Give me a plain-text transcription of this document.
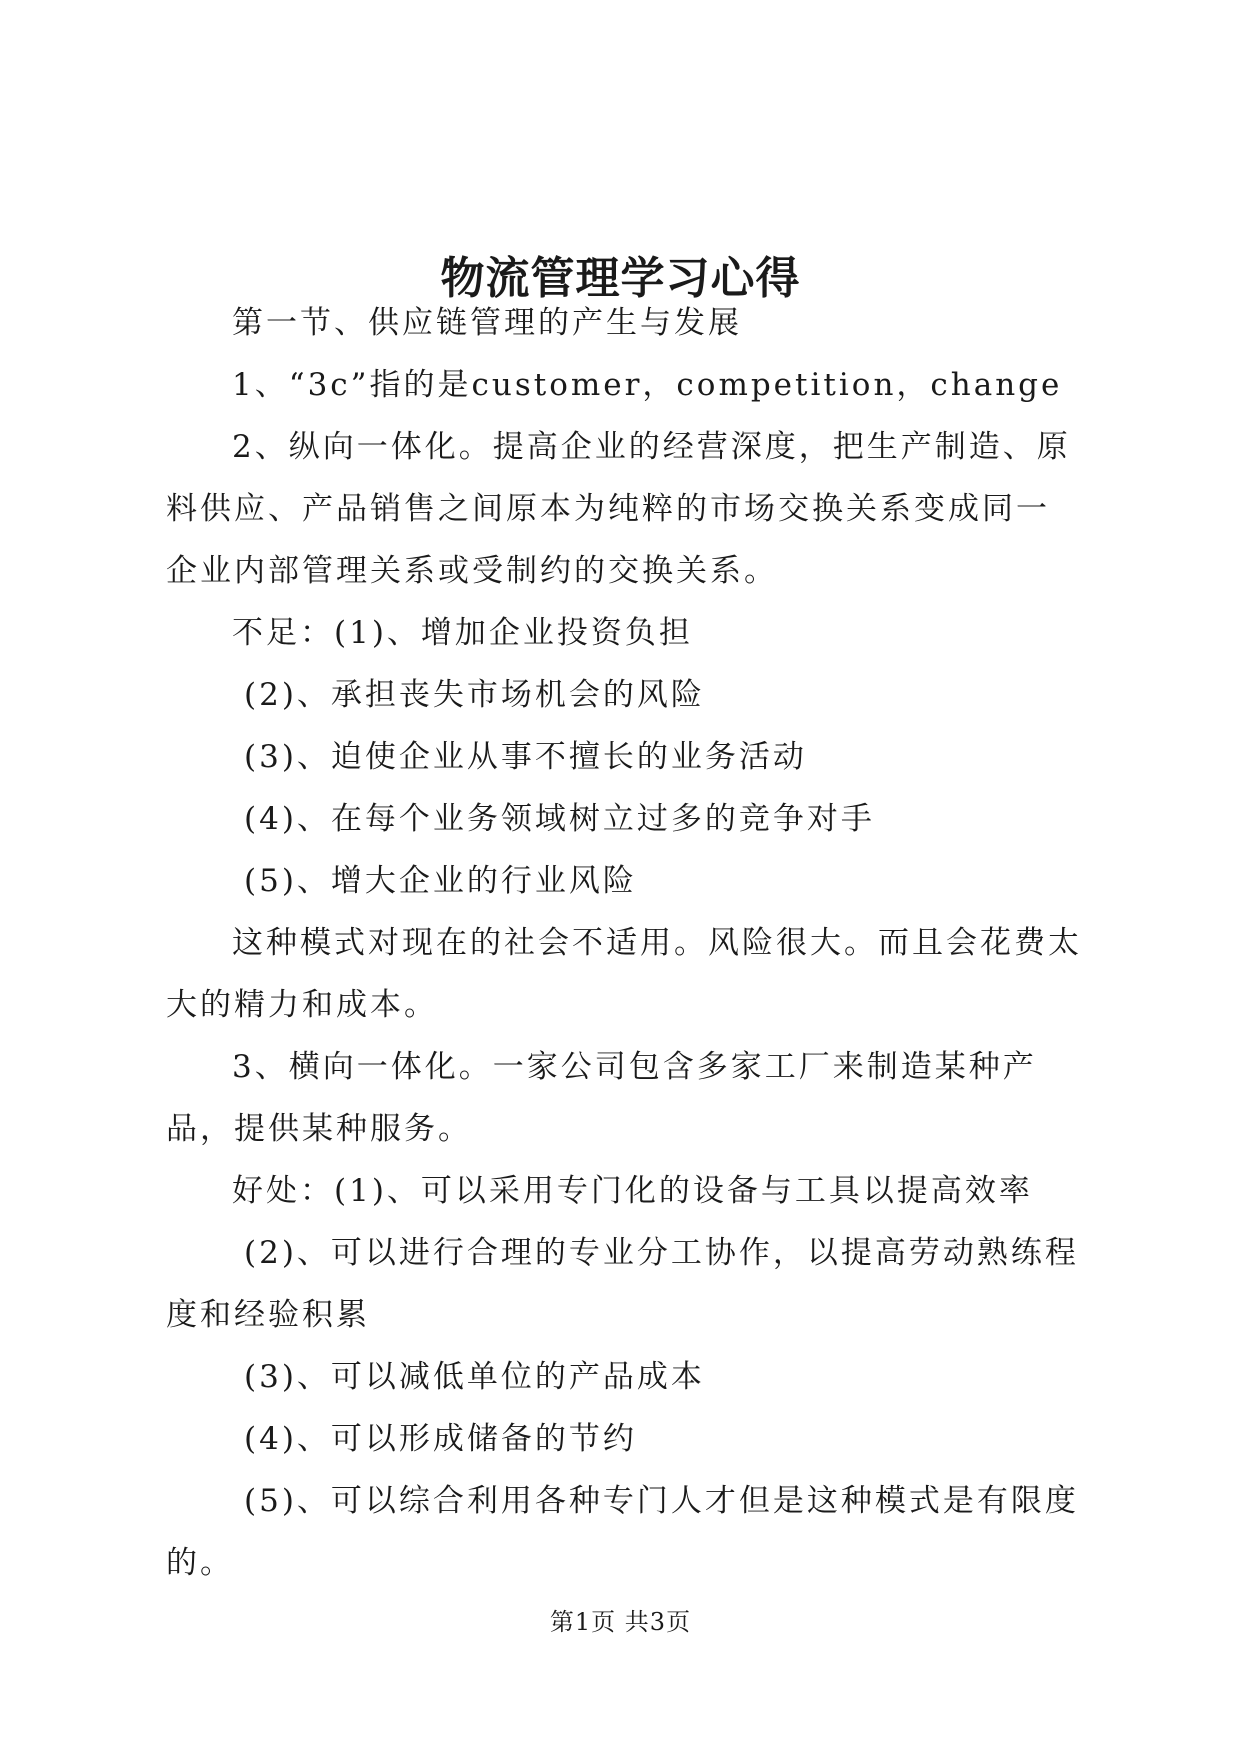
物流管理学习心得

第一节、供应链管理的产生与发展

1、“3c”指的是customer，competition，change

2、纵向一体化。提高企业的经营深度，把生产制造、原料供应、产品销售之间原本为纯粹的市场交换关系变成同一企业内部管理关系或受制约的交换关系。

不足：(1)、增加企业投资负担

(2)、承担丧失市场机会的风险

(3)、迫使企业从事不擅长的业务活动

(4)、在每个业务领域树立过多的竞争对手

(5)、增大企业的行业风险

这种模式对现在的社会不适用。风险很大。而且会花费太大的精力和成本。

3、横向一体化。一家公司包含多家工厂来制造某种产品，提供某种服务。

好处：(1)、可以采用专门化的设备与工具以提高效率

(2)、可以进行合理的专业分工协作，以提高劳动熟练程度和经验积累

(3)、可以减低单位的产品成本

(4)、可以形成储备的节约

(5)、可以综合利用各种专门人才但是这种模式是有限度的。

第1页 共3页
